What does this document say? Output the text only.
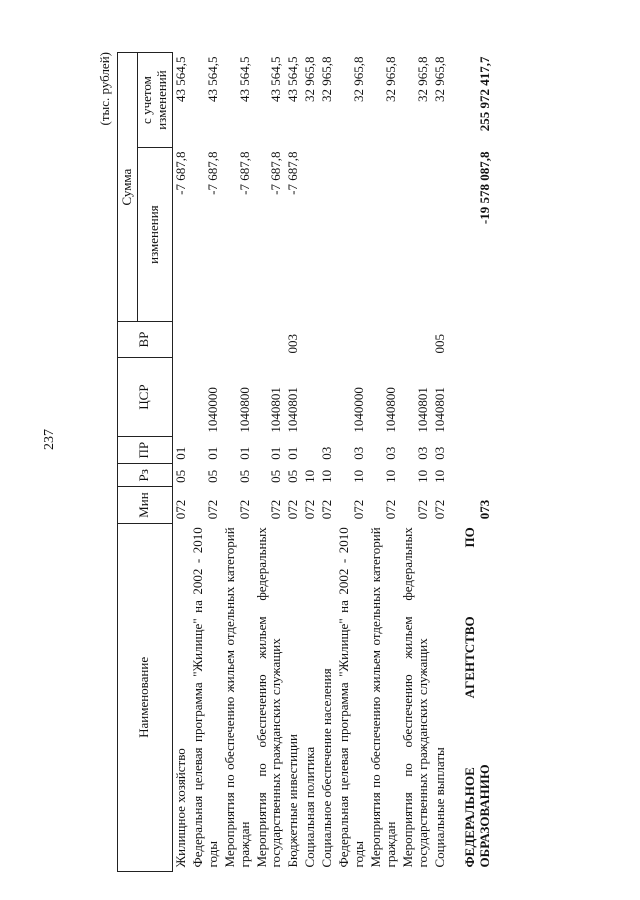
237
(тыс. рублей)
Наименование	Мин	Рз	ПР	ЦСР	ВР	Сумма	
						изменения	с учетом изменений
Жилищное хозяйство	072	05	01			-7 687,8	43 564,5
Федеральная целевая программа "Жилище" на 2002 - 2010 годы	072	05	01	1040000		-7 687,8	43 564,5
Мероприятия по обеспечению жильем отдельных категорий граждан	072	05	01	1040800		-7 687,8	43 564,5
Мероприятия по обеспечению жильем федеральных государственных гражданских служащих	072	05	01	1040801		-7 687,8	43 564,5
Бюджетные инвестиции	072	05	01	1040801	003	-7 687,8	43 564,5
Социальная политика	072	10					32 965,8
Социальное обеспечение населения	072	10	03				32 965,8
Федеральная целевая программа "Жилище" на 2002 - 2010 годы	072	10	03	1040000			32 965,8
Мероприятия по обеспечению жильем отдельных категорий граждан	072	10	03	1040800			32 965,8
Мероприятия по обеспечению жильем федеральных государственных гражданских служащих	072	10	03	1040801			32 965,8
Социальные выплаты	072	10	03	1040801	005		32 965,8

ФЕДЕРАЛЬНОЕ
АГЕНТСТВО
ПО
ОБРАЗОВАНИЮ	073					-19 578 087,8	255 972 417,7
